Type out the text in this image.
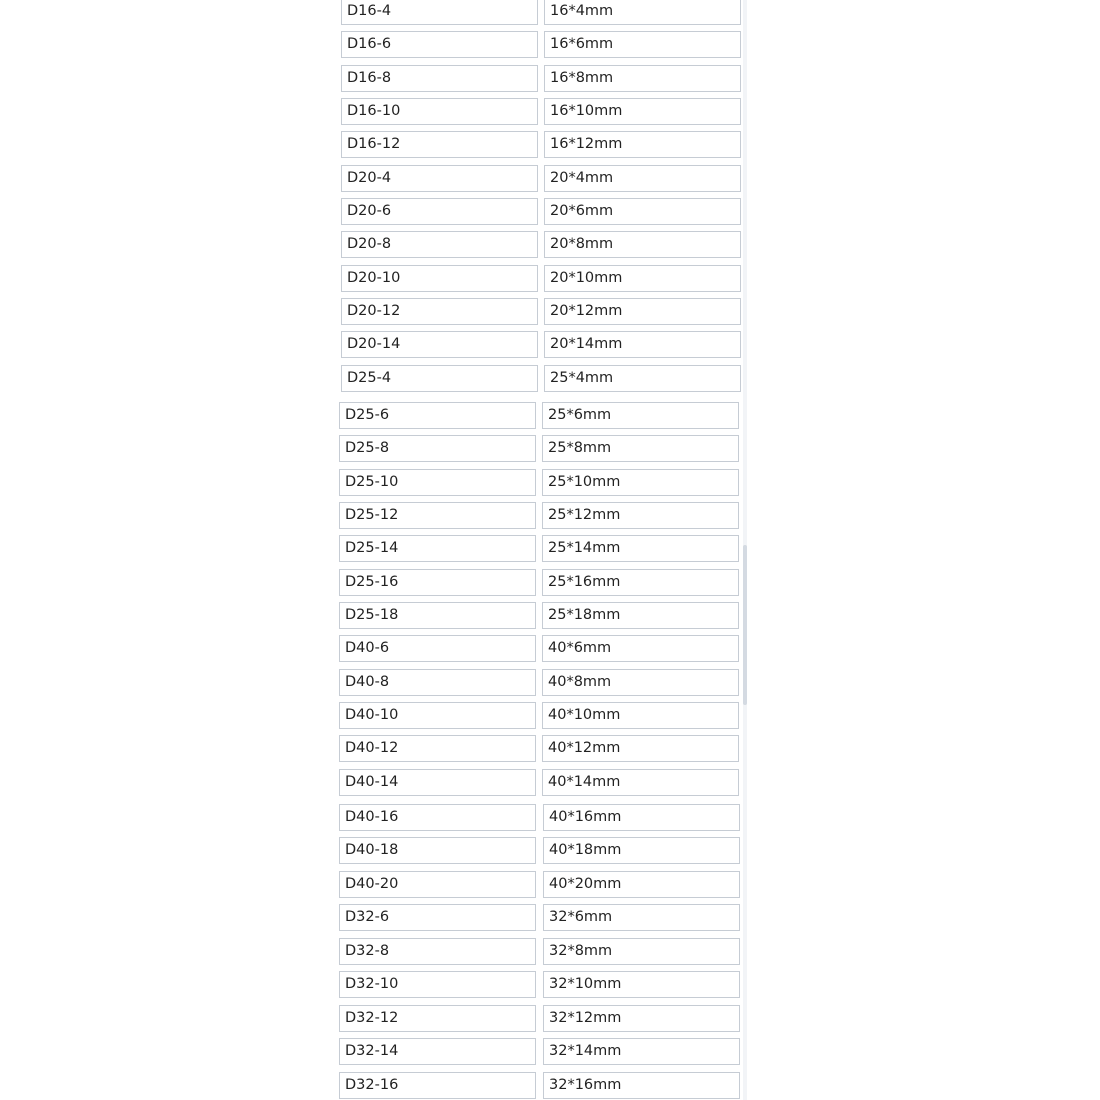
D16-4	16*4mm
D16-6	16*6mm
D16-8	16*8mm
D16-10	16*10mm
D16-12	16*12mm
D20-4	20*4mm
D20-6	20*6mm
D20-8	20*8mm
D20-10	20*10mm
D20-12	20*12mm
D20-14	20*14mm
D25-4	25*4mm
D25-6	25*6mm
D25-8	25*8mm
D25-10	25*10mm
D25-12	25*12mm
D25-14	25*14mm
D25-16	25*16mm
D25-18	25*18mm
D40-6	40*6mm
D40-8	40*8mm
D40-10	40*10mm
D40-12	40*12mm
D40-14	40*14mm
D40-16	40*16mm
D40-18	40*18mm
D40-20	40*20mm
D32-6	32*6mm
D32-8	32*8mm
D32-10	32*10mm
D32-12	32*12mm
D32-14	32*14mm
D32-16	32*16mm
